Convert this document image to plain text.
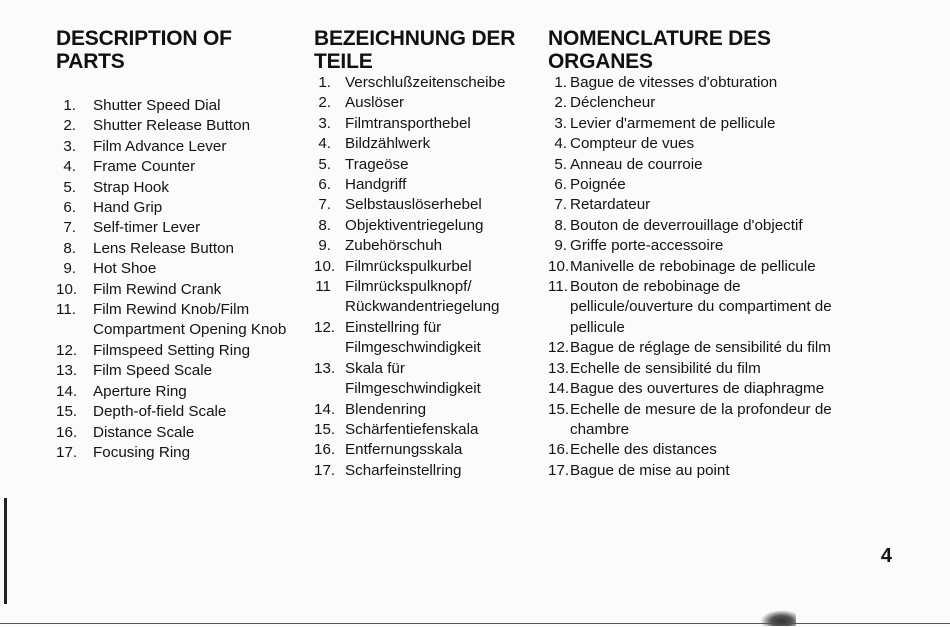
DESCRIPTION OF PARTS
1. Shutter Speed Dial
2. Shutter Release Button
3. Film Advance Lever
4. Frame Counter
5. Strap Hook
6. Hand Grip
7. Self-timer Lever
8. Lens Release Button
9. Hot Shoe
10. Film Rewind Crank
11. Film Rewind Knob/Film Compartment Opening Knob
12. Filmspeed Setting Ring
13. Film Speed Scale
14. Aperture Ring
15. Depth-of-field Scale
16. Distance Scale
17. Focusing Ring
BEZEICHNUNG DER TEILE
1. Verschlußzeitenscheibe
2. Auslöser
3. Filmtransporthebel
4. Bildzählwerk
5. Trageöse
6. Handgriff
7. Selbstauslöserhebel
8. Objektiventriegelung
9. Zubehörschuh
10. Filmrückspulkurbel
11 Filmrückspulknopf/ Rückwandentriegelung
12. Einstellring für Filmgeschwindigkeit
13. Skala für Filmgeschwindigkeit
14. Blendenring
15. Schärfentiefenskala
16. Entfernungsskala
17. Scharfeinstellring
NOMENCLATURE DES ORGANES
1. Bague de vitesses d'obturation
2. Déclencheur
3. Levier d'armement de pellicule
4. Compteur de vues
5. Anneau de courroie
6. Poignée
7. Retardateur
8. Bouton de deverrouillage d'objectif
9. Griffe porte-accessoire
10. Manivelle de rebobinage de pellicule
11. Bouton de rebobinage de pellicule/ouverture du compartiment de pellicule
12. Bague de réglage de sensibilité du film
13. Echelle de sensibilité du film
14. Bague des ouvertures de diaphragme
15. Echelle de mesure de la profondeur de chambre
16. Echelle des distances
17. Bague de mise au point
4
